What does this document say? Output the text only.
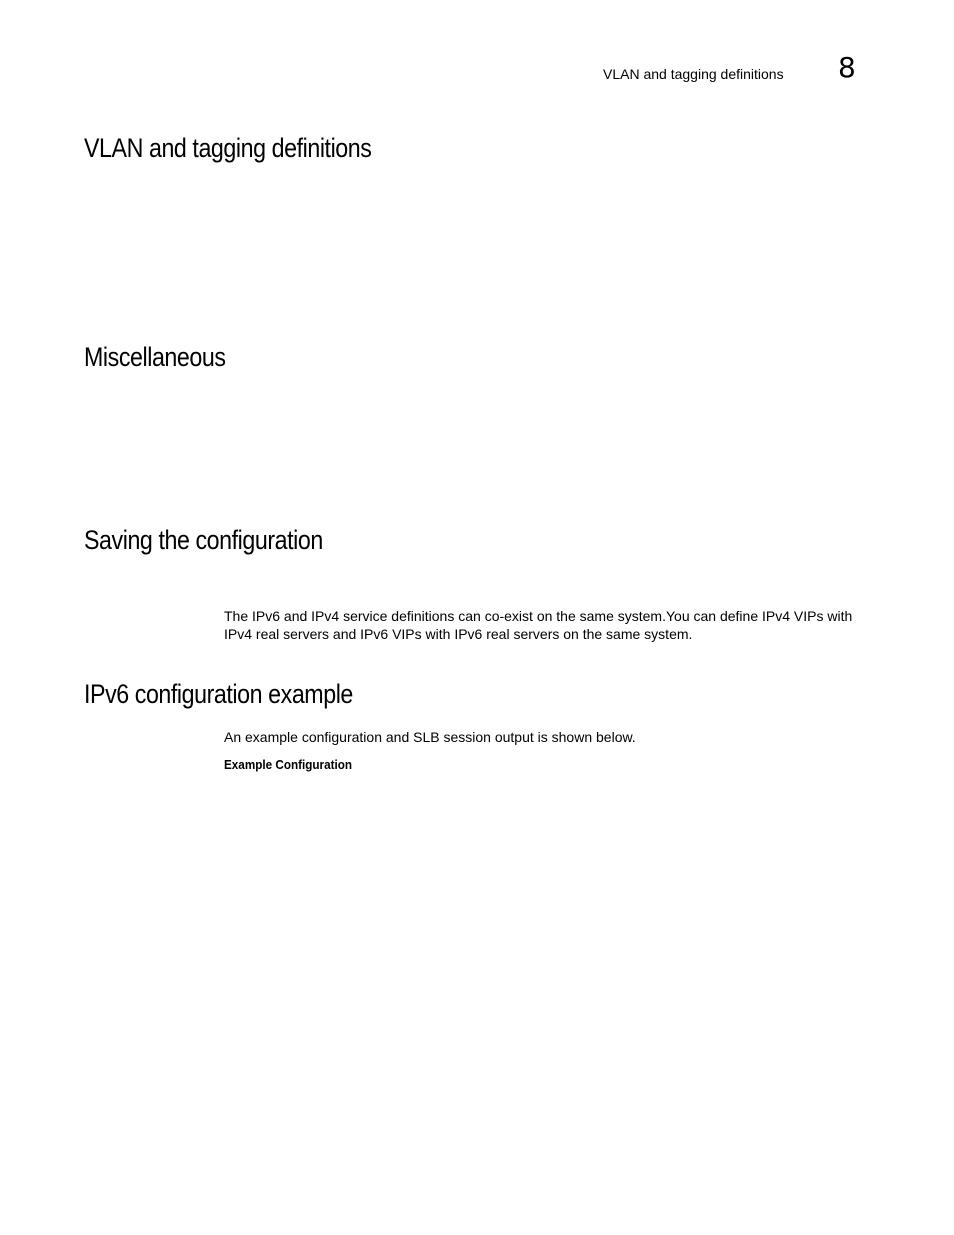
VLAN and tagging definitions 8
VLAN and tagging definitions
Miscellaneous
Saving the configuration

The IPv6 and IPv4 service definitions can co-exist on the same system.You can define IPv4 VIPs with IPv4 real servers and IPv6 VIPs with IPv6 real servers on the same system.

IPv6 configuration example

An example configuration and SLB session output is shown below.

Example Configuration
